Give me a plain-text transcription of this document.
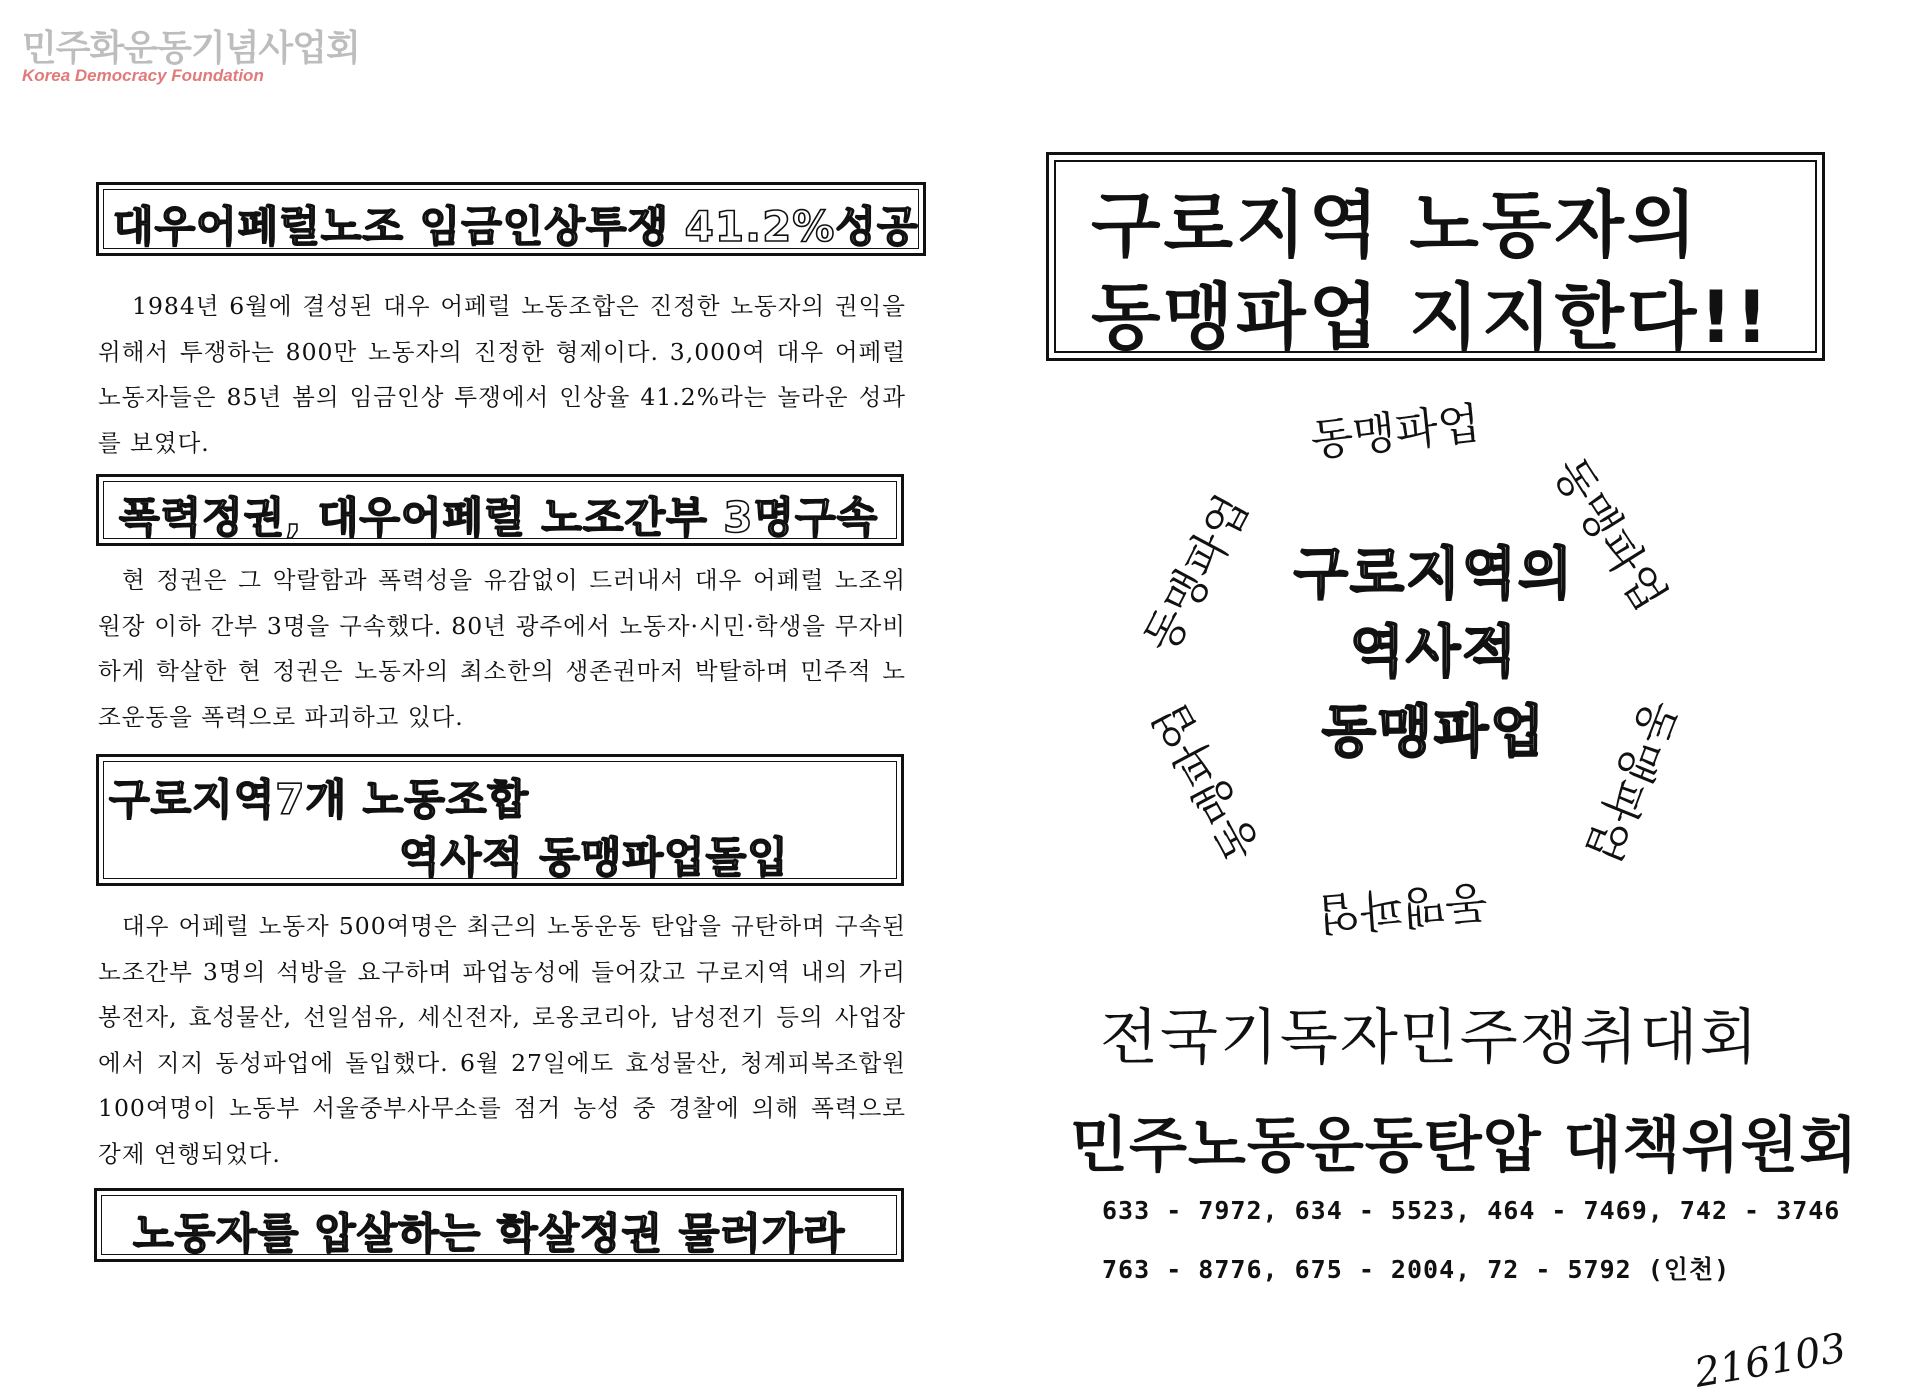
민주화운동기념사업회
Korea Democracy Foundation
대우어페럴노조 임금인상투쟁 41.2%성공
1984년 6월에 결성된 대우 어페럴 노동조합은 진정한 노동자의 권익을 위해서 투쟁하는 800만 노동자의 진정한 형제이다. 3,000여 대우 어페럴 노동자들은 85년 봄의 임금인상 투쟁에서 인상율 41.2%라는 놀라운 성과를 보였다.
폭력정권, 대우어페럴 노조간부 3명구속
현 정권은 그 악랄함과 폭력성을 유감없이 드러내서 대우 어페럴 노조위원장 이하 간부 3명을 구속했다. 80년 광주에서 노동자·시민·학생을 무자비하게 학살한 현 정권은 노동자의 최소한의 생존권마저 박탈하며 민주적 노조운동을 폭력으로 파괴하고 있다.
구로지역7개 노동조합
역사적 동맹파업돌입
대우 어페럴 노동자 500여명은 최근의 노동운동 탄압을 규탄하며 구속된 노조간부 3명의 석방을 요구하며 파업농성에 들어갔고 구로지역 내의 가리봉전자, 효성물산, 선일섬유, 세신전자, 로옹코리아, 남성전기 등의 사업장에서 지지 동성파업에 돌입했다. 6월 27일에도 효성물산, 청계피복조합원 100여명이 노동부 서울중부사무소를 점거 농성 중 경찰에 의해 폭력으로 강제 연행되었다.
노동자를 압살하는 학살정권 물러가라
구로지역 노동자의
동맹파업 지지한다!!
동맹파업
동맹파업
동맹파업
동맹파업
동맹파업
동맹파업 구로지역의
역사적
동맹파업
전국기독자민주쟁취대회
민주노동운동탄압 대책위원회
633 - 7972, 634 - 5523, 464 - 7469, 742 - 3746
763 - 8776, 675 - 2004, 72 - 5792 (인천)
216103
